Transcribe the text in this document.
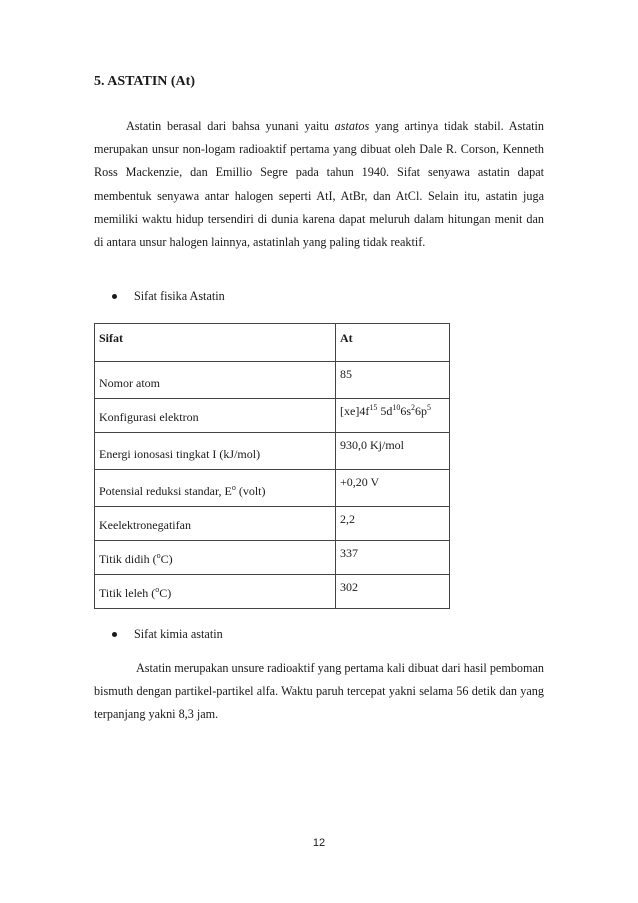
5. ASTATIN (At)

Astatin berasal dari bahsa yunani yaitu astatos yang artinya tidak stabil. Astatin merupakan unsur non-logam radioaktif pertama yang dibuat oleh Dale R. Corson, Kenneth Ross Mackenzie, dan Emillio Segre pada tahun 1940. Sifat senyawa astatin dapat membentuk senyawa antar halogen seperti AtI, AtBr, dan AtCl. Selain itu, astatin juga memiliki waktu hidup tersendiri di dunia karena dapat meluruh dalam hitungan menit dan di antara unsur halogen lainnya, astatinlah yang paling tidak reaktif.

Sifat fisika Astatin
Sifat	At
Nomor atom	85
Konfigurasi elektron	$[xe]4f^{15}$ $5d^{10}6s^26p^5$
Energi ionosasi tingkat I (kJ/mol)	930,0 Kj/mol
Potensial reduksi standar, $E^o$ (volt)	+0,20 V
Keelektronegatifan	2,2
Titik didih ($^o$C)	337
Titik leleh ($^o$C)	302
Sifat kimia astatin

Astatin merupakan unsure radioaktif yang pertama kali dibuat dari hasil pemboman bismuth dengan partikel-partikel alfa. Waktu paruh tercepat yakni selama 56 detik dan yang terpanjang yakni 8,3 jam.

12
